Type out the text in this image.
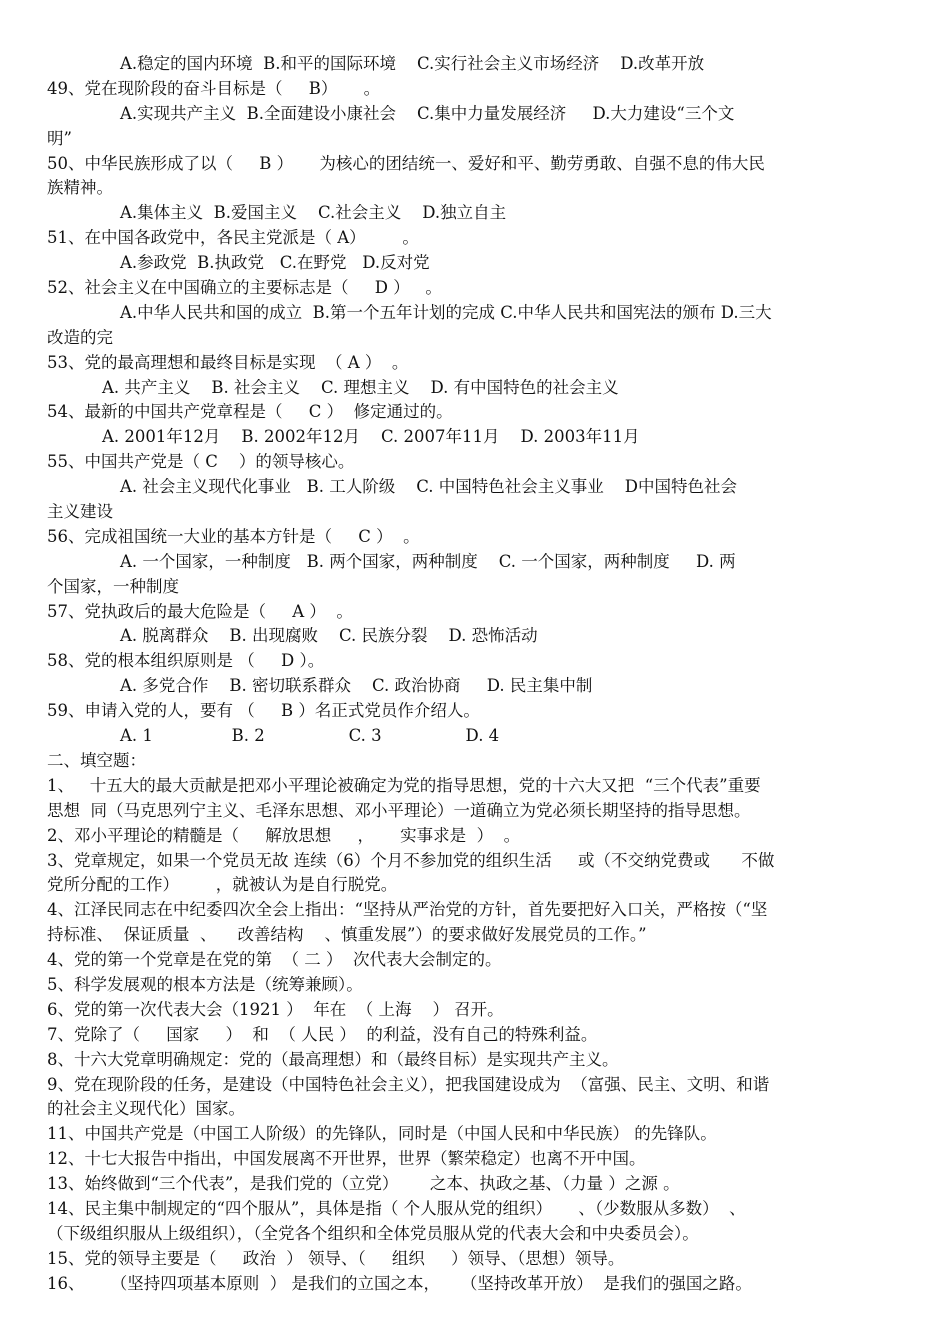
A.稳定的国内环境  B.和平的国际环境    C.实行社会主义市场经济    D.改革开放
49、党在现阶段的奋斗目标是（     B）     。
A.实现共产主义  B.全面建设小康社会    C.集中力量发展经济     D.大力建设“三个文
明”
50、中华民族形成了以（     B ）     为核心的团结统一、爱好和平、勤劳勇敢、自强不息的伟大民
族精神。
A.集体主义  B.爱国主义    C.社会主义    D.独立自主
51、在中国各政党中，各民主党派是（ A）       。
A.参政党  B.执政党   C.在野党   D.反对党
52、社会主义在中国确立的主要标志是（     D ）   。
A.中华人民共和国的成立  B.第一个五年计划的完成 C.中华人民共和国宪法的颁布 D.三大
改造的完
53、党的最高理想和最终目标是实现  （ A ）  。
A. 共产主义    B. 社会主义    C. 理想主义    D. 有中国特色的社会主义
54、最新的中国共产党章程是（     C ）  修定通过的。
A. 2001年12月    B. 2002年12月    C. 2007年11月    D. 2003年11月
55、中国共产党是（ C    ）的领导核心。
A. 社会主义现代化事业   B. 工人阶级    C. 中国特色社会主义事业    D中国特色社会
主义建设
56、完成祖国统一大业的基本方针是（     C ）  。
A. 一个国家，一种制度   B. 两个国家，两种制度    C. 一个国家，两种制度     D. 两
个国家，一种制度
57、党执政后的最大危险是（     A ）  。
A. 脱离群众    B. 出现腐败    C. 民族分裂    D. 恐怖活动
58、党的根本组织原则是 （     D ）。
A. 多党合作    B. 密切联系群众    C. 政治协商     D. 民主集中制
59、申请入党的人，要有 （     B ）名正式党员作介绍人。
A. 1               B. 2                C. 3                D. 4
二、填空题：
1、   十五大的最大贡献是把邓小平理论被确定为党的指导思想，党的十六大又把  “三个代表”重要
思想  同（马克思列宁主义、毛泽东思想、邓小平理论）一道确立为党必须长期坚持的指导思想。
2、邓小平理论的精髓是（     解放思想     ，     实事求是  ）  。
3、党章规定，如果一个党员无故 连续（6）个月不参加党的组织生活     或（不交纳党费或      不做
党所分配的工作）       ，就被认为是自行脱党。
4、江泽民同志在中纪委四次全会上指出：“坚持从严治党的方针，首先要把好入口关，严格按（“坚
持标准、  保证质量  、    改善结构    、慎重发展”）的要求做好发展党员的工作。”
4、党的第一个党章是在党的第  （ 二 ）  次代表大会制定的。
5、科学发展观的根本方法是（统筹兼顾）。
6、党的第一次代表大会（1921 ）  年在  （ 上海    ） 召开。
7、党除了（     国家     ）  和  （ 人民 ）  的利益，没有自己的特殊利益。
8、十六大党章明确规定：党的（最高理想）和（最终目标）是实现共产主义。
9、党在现阶段的任务，是建设（中国特色社会主义），把我国建设成为  （富强、民主、文明、和谐
的社会主义现代化）国家。
11、中国共产党是（中国工人阶级）的先锋队，同时是（中国人民和中华民族） 的先锋队。
12、十七大报告中指出，中国发展离不开世界，世界（繁荣稳定）也离不开中国。
13、始终做到“三个代表”，是我们党的（立党）      之本、执政之基、（力量 ）之源 。
14、民主集中制规定的“四个服从”，具体是指（ 个人服从党的组织）     、（少数服从多数）  、
（下级组织服从上级组织），（全党各个组织和全体党员服从党的代表大会和中央委员会）。
15、党的领导主要是（     政治  ） 领导、（     组织     ）领导、（思想）领导。
16、     （坚持四项基本原则  ） 是我们的立国之本，    （坚持改革开放）  是我们的强国之路。
